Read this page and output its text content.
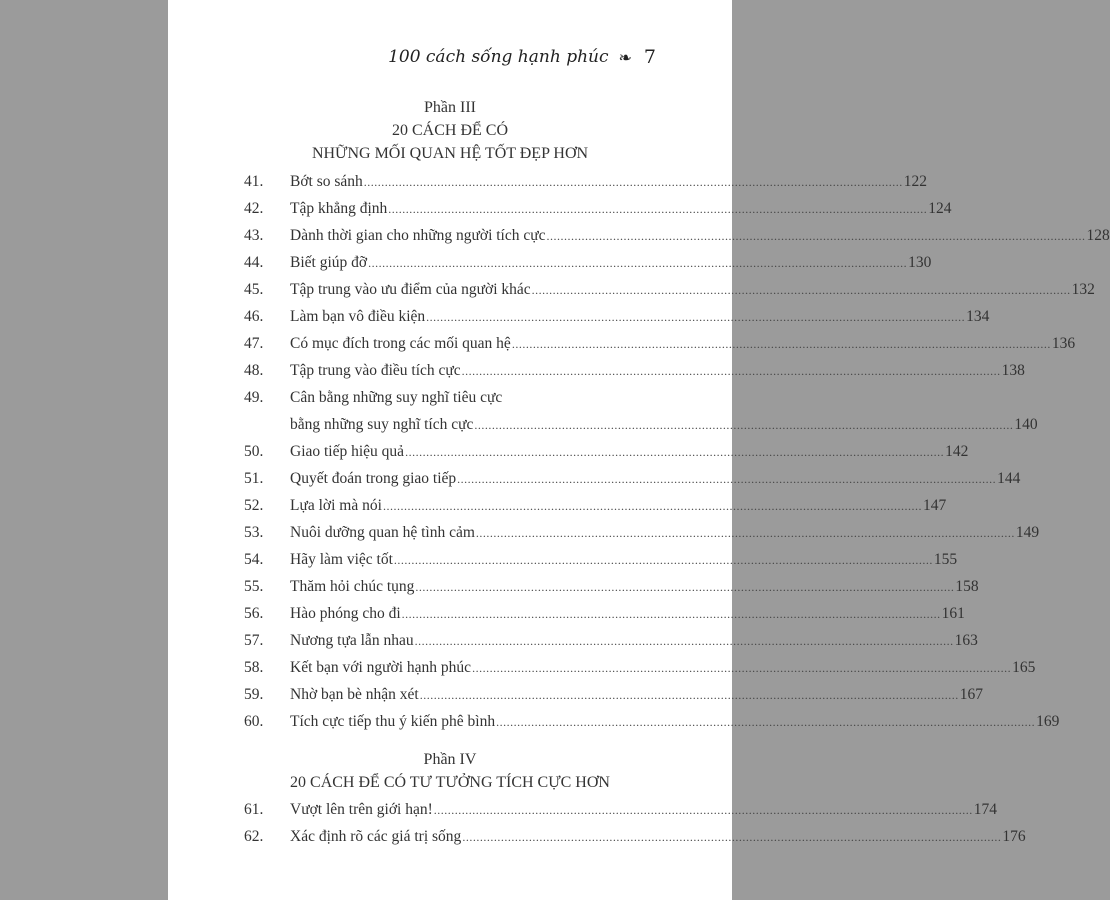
100 cách sống hạnh phúc ❧ 7
Phần III
20 CÁCH ĐỂ CÓ
NHỮNG MỐI QUAN HỆ TỐT ĐẸP HƠN
41.	Bớt so sánh .....	122
42.	Tập khẳng định .....	124
43.	Dành thời gian cho những người tích cực .....	128
44.	Biết giúp đỡ .....	130
45.	Tập trung vào ưu điểm của người khác .....	132
46.	Làm bạn vô điều kiện .....	134
47.	Có mục đích trong các mối quan hệ .....	136
48.	Tập trung vào điều tích cực .....	138
49.	Cân bằng những suy nghĩ tiêu cực
bằng những suy nghĩ tích cực .....	140
50.	Giao tiếp hiệu quả .....	142
51.	Quyết đoán trong giao tiếp .....	144
52.	Lựa lời mà nói .....	147
53.	Nuôi dưỡng quan hệ tình cảm .....	149
54.	Hãy làm việc tốt .....	155
55.	Thăm hỏi chúc tụng .....	158
56.	Hào phóng cho đi .....	161
57.	Nương tựa lẫn nhau .....	163
58.	Kết bạn với người hạnh phúc .....	165
59.	Nhờ bạn bè nhận xét .....	167
60.	Tích cực tiếp thu ý kiến phê bình .....	169
Phần IV
20 CÁCH ĐỂ CÓ TƯ TƯỞNG TÍCH CỰC HƠN
61.	Vượt lên trên giới hạn! .....	174
62.	Xác định rõ các giá trị sống .....	176
